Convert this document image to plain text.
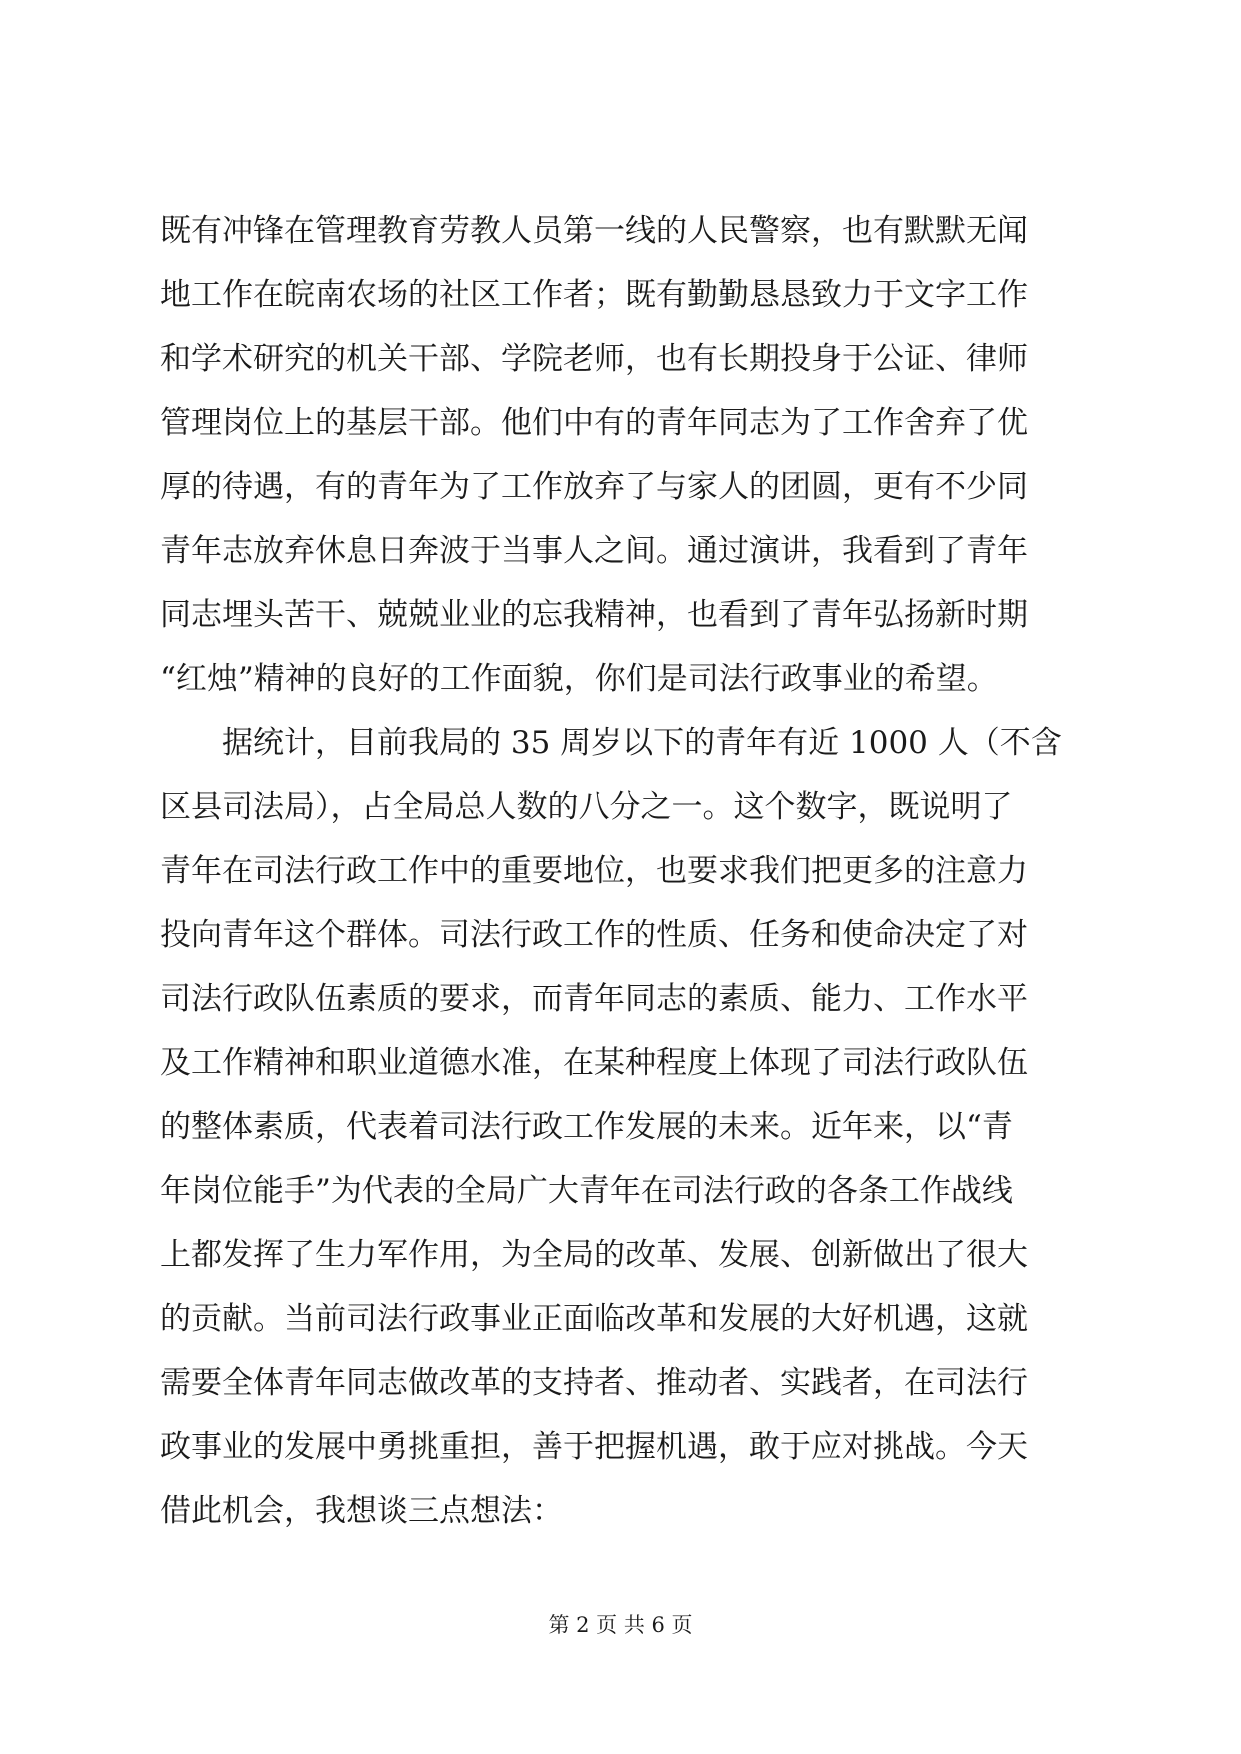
既有冲锋在管理教育劳教人员第一线的人民警察，也有默默无闻
地工作在皖南农场的社区工作者；既有勤勤恳恳致力于文字工作
和学术研究的机关干部、学院老师，也有长期投身于公证、律师
管理岗位上的基层干部。他们中有的青年同志为了工作舍弃了优
厚的待遇，有的青年为了工作放弃了与家人的团圆，更有不少同
青年志放弃休息日奔波于当事人之间。通过演讲，我看到了青年
同志埋头苦干、兢兢业业的忘我精神，也看到了青年弘扬新时期
“红烛”精神的良好的工作面貌，你们是司法行政事业的希望。
据统计，目前我局的 35 周岁以下的青年有近 1000 人（不含
区县司法局），占全局总人数的八分之一。这个数字，既说明了
青年在司法行政工作中的重要地位，也要求我们把更多的注意力
投向青年这个群体。司法行政工作的性质、任务和使命决定了对
司法行政队伍素质的要求，而青年同志的素质、能力、工作水平
及工作精神和职业道德水准，在某种程度上体现了司法行政队伍
的整体素质，代表着司法行政工作发展的未来。近年来，以“青
年岗位能手”为代表的全局广大青年在司法行政的各条工作战线
上都发挥了生力军作用，为全局的改革、发展、创新做出了很大
的贡献。当前司法行政事业正面临改革和发展的大好机遇，这就
需要全体青年同志做改革的支持者、推动者、实践者，在司法行
政事业的发展中勇挑重担，善于把握机遇，敢于应对挑战。今天
借此机会，我想谈三点想法：
第 2 页 共 6 页
